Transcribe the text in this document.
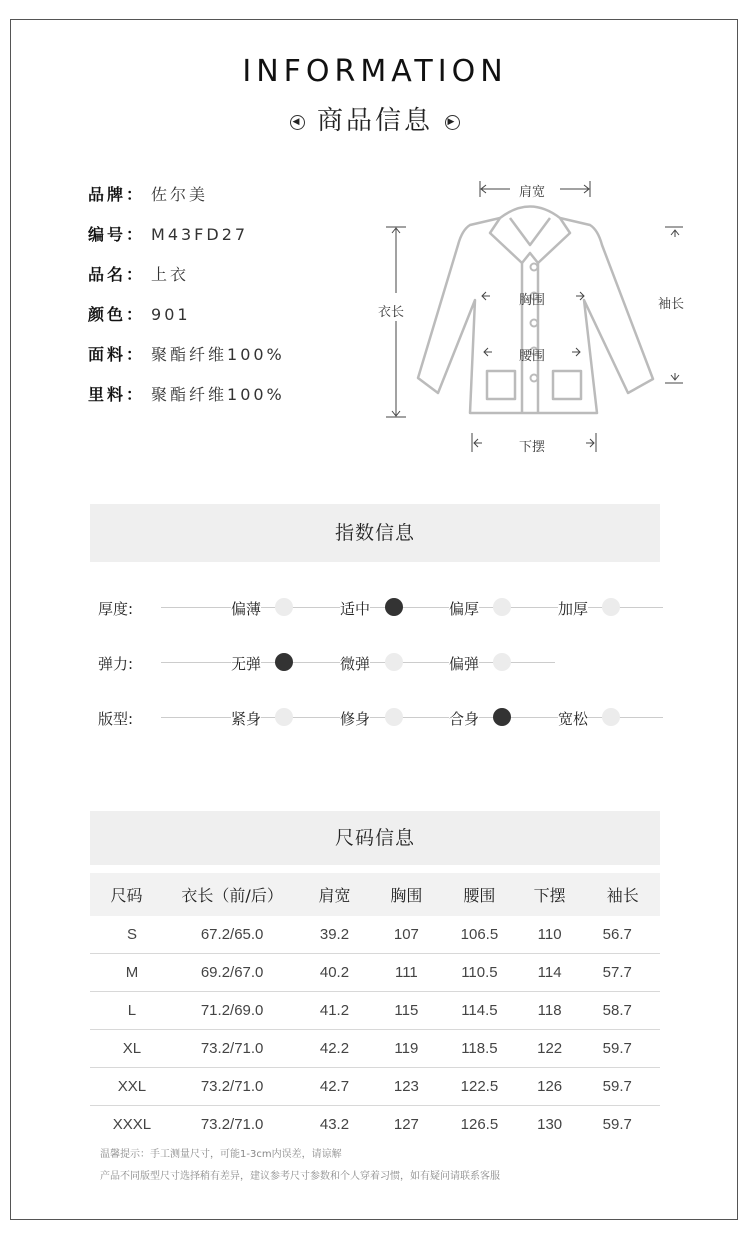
INFORMATION
◀ 商品信息 ▶
品牌： 佐尔美
编号： M43FD27
品名： 上衣
颜色： 901
面料： 聚酯纤维100%
里料： 聚酯纤维100%
肩宽
胸围
腰围
衣长
袖长
下摆
指数信息
厚度:	偏薄	适中	偏厚	加厚
弹力:	无弹	微弹	偏弹
版型:	紧身	修身	合身	宽松
尺码信息
尺码	衣长（前/后）	肩宽	胸围	腰围	下摆	袖长
S	67.2/65.0	39.2	107	106.5	110	56.7
M	69.2/67.0	40.2	111	110.5	114	57.7
L	71.2/69.0	41.2	115	114.5	118	58.7
XL	73.2/71.0	42.2	119	118.5	122	59.7
XXL	73.2/71.0	42.7	123	122.5	126	59.7
XXXL	73.2/71.0	43.2	127	126.5	130	59.7
温馨提示：手工测量尺寸，可能1-3cm内误差，请谅解
产品不同版型尺寸选择稍有差异，建议参考尺寸参数和个人穿着习惯，如有疑问请联系客服
